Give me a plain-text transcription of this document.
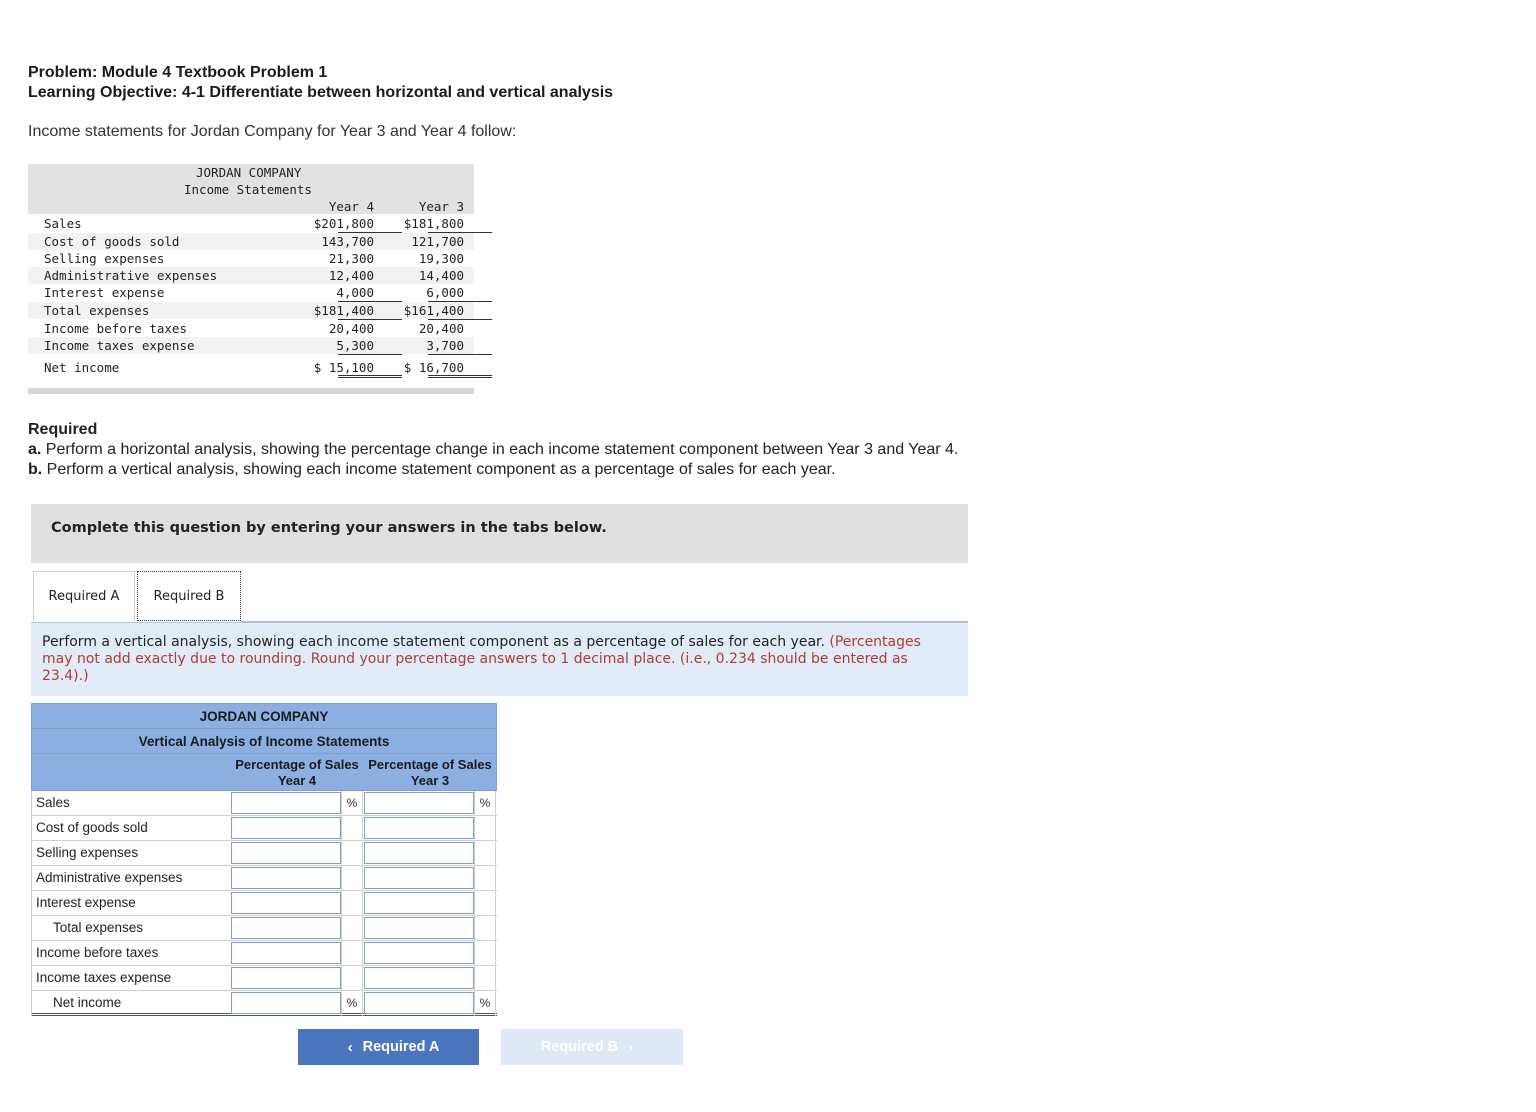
Problem: Module 4 Textbook Problem 1
Learning Objective: 4-1 Differentiate between horizontal and vertical analysis
Income statements for Jordan Company for Year 3 and Year 4 follow:
JORDAN COMPANY
Income Statements
Year 4	Year 3
Sales	$201,800	$181,800
Cost of goods sold	143,700	121,700
Selling expenses	21,300	19,300
Administrative expenses	12,400	14,400
Interest expense	4,000	6,000
Total expenses	$181,400	$161,400
Income before taxes	20,400	20,400
Income taxes expense	5,300	3,700
Net income	$ 15,100	$ 16,700
Required
a. Perform a horizontal analysis, showing the percentage change in each income statement component between Year 3 and Year 4.
b. Perform a vertical analysis, showing each income statement component as a percentage of sales for each year.
Complete this question by entering your answers in the tabs below.
Required A	Required B

Perform a vertical analysis, showing each income statement component as a percentage of sales for each year. (Percentages may not add exactly due to rounding. Round your percentage answers to 1 decimal place. (i.e., 0.234 should be entered as 23.4).)

JORDAN COMPANY
Vertical Analysis of Income Statements
Percentage of Sales Year 4
Percentage of Sales Year 3
Sales	%	%
Cost of goods sold
Selling expenses
Administrative expenses
Interest expense
Total expenses
Income before taxes
Income taxes expense
Net income	%	%
‹ Required A	Required B ›
